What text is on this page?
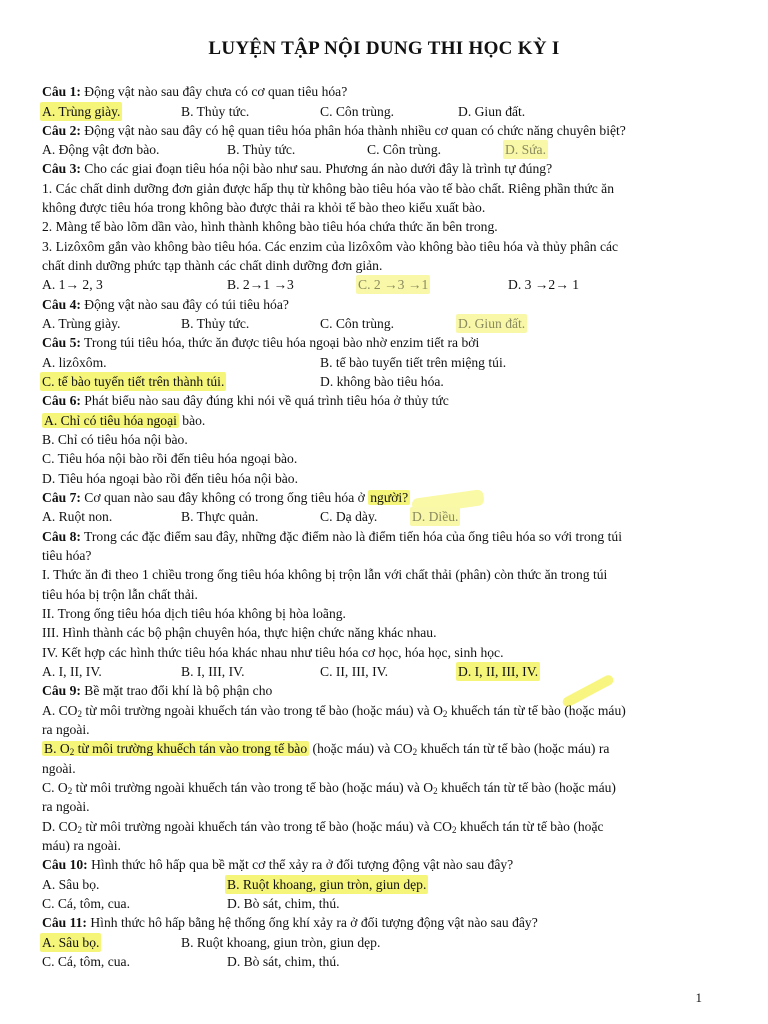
LUYỆN TẬP NỘI DUNG THI HỌC KỲ I
Câu 1: Động vật nào sau đây chưa có cơ quan tiêu hóa?
A. Trùng giày.	B. Thủy tức.	C. Côn trùng.	D. Giun đất.
Câu 2: Động vật nào sau đây có hệ quan tiêu hóa phân hóa thành nhiều cơ quan có chức năng chuyên biệt?
A. Động vật đơn bào.	B. Thủy tức.	C. Côn trùng.	D. Sứa.
Câu 3: Cho các giai đoạn tiêu hóa nội bào như sau. Phương án nào dưới đây là trình tự đúng?
1. Các chất dinh dưỡng đơn giản được hấp thụ từ không bào tiêu hóa vào tế bào chất. Riêng phần thức ăn
không được tiêu hóa trong không bào được thải ra khỏi tế bào theo kiểu xuất bào.
2. Màng tế bào lõm dần vào, hình thành không bào tiêu hóa chứa thức ăn bên trong.
3. Lizôxôm gắn vào không bào tiêu hóa. Các enzim của lizôxôm vào không bào tiêu hóa và thủy phân các
chất dinh dưỡng phức tạp thành các chất dinh dưỡng đơn giản.
A. 1→ 2, 3	B. 2→1 →3	C. 2 →3 →1	D. 3 →2→ 1
Câu 4: Động vật nào sau đây có túi tiêu hóa?
A. Trùng giày.	B. Thủy tức.	C. Côn trùng.	D. Giun đất.
Câu 5: Trong túi tiêu hóa, thức ăn được tiêu hóa ngoại bào nhờ enzim tiết ra bởi
A. lizôxôm.	B. tế bào tuyến tiết trên miệng túi.
C. tế bào tuyến tiết trên thành túi.	D. không bào tiêu hóa.
Câu 6: Phát biểu nào sau đây đúng khi nói về quá trình tiêu hóa ở thủy tức
A. Chỉ có tiêu hóa ngoại bào.
B. Chỉ có tiêu hóa nội bào.
C. Tiêu hóa nội bào rồi đến tiêu hóa ngoại bào.
D. Tiêu hóa ngoại bào rồi đến tiêu hóa nội bào.
Câu 7: Cơ quan nào sau đây không có trong ống tiêu hóa ở người?
A. Ruột non.	B. Thực quản.	C. Dạ dày.	D. Diều.
Câu 8: Trong các đặc điểm sau đây, những đặc điểm nào là điểm tiến hóa của ống tiêu hóa so với trong túi
tiêu hóa?
I. Thức ăn đi theo 1 chiều trong ống tiêu hóa không bị trộn lẫn với chất thải (phân) còn thức ăn trong túi
tiêu hóa bị trộn lẫn chất thải.
II. Trong ống tiêu hóa dịch tiêu hóa không bị hòa loãng.
III. Hình thành các bộ phận chuyên hóa, thực hiện chức năng khác nhau.
IV. Kết hợp các hình thức tiêu hóa khác nhau như tiêu hóa cơ học, hóa học, sinh học.
A. I, II, IV.	B. I, III, IV.	C. II, III, IV.	D. I, II, III, IV.
Câu 9: Bề mặt trao đổi khí là bộ phận cho
A. $CO_2$ từ môi trường ngoài khuếch tán vào trong tế bào (hoặc máu) và $O_2$ khuếch tán từ tế bào (hoặc máu)
ra ngoài.
B. $O_2$ từ môi trường khuếch tán vào trong tế bào (hoặc máu) và $CO_2$ khuếch tán từ tế bào (hoặc máu) ra
ngoài.
C. $O_2$ từ môi trường ngoài khuếch tán vào trong tế bào (hoặc máu) và $O_2$ khuếch tán từ tế bào (hoặc máu)
ra ngoài.
D. $CO_2$ từ môi trường ngoài khuếch tán vào trong tế bào (hoặc máu) và $CO_2$ khuếch tán từ tế bào (hoặc
máu) ra ngoài.
Câu 10: Hình thức hô hấp qua bề mặt cơ thể xảy ra ở đối tượng động vật nào sau đây?
A. Sâu bọ.	B. Ruột khoang, giun tròn, giun dẹp.
C. Cá, tôm, cua.	D. Bò sát, chim, thú.
Câu 11: Hình thức hô hấp bằng hệ thống ống khí xảy ra ở đối tượng động vật nào sau đây?
A. Sâu bọ.	B. Ruột khoang, giun tròn, giun dẹp.
C. Cá, tôm, cua.	D. Bò sát, chim, thú.
1
